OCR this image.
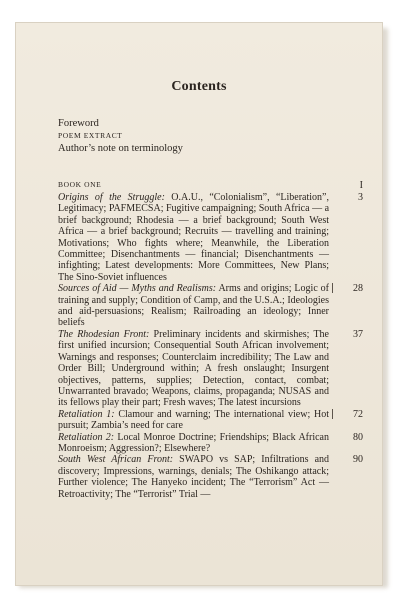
Contents
Foreword
POEM EXTRACT
Author’s note on terminology
BOOK ONE	I
Origins of the Struggle: O.A.U., “Colonialism”, “Liberation”, Legitimacy; PAFMECSA; Fugitive campaigning; South Africa — a brief background; Rhodesia — a brief background; South West Africa — a brief background; Recruits — travelling and training; Motivations; Who fights where; Meanwhile, the Liberation Committee; Disenchantments — financial; Disenchantments — infighting; Latest developments: More Committees, New Plans; The Sino-Soviet influences
3
Sources of Aid — Myths and Realisms: Arms and origins; Logic of training and supply; Condition of Camp, and the U.S.A.; Ideologies and aid-persuasions; Realism; Railroading an ideology; Inner beliefs
28
The Rhodesian Front: Preliminary incidents and skirmishes; The first unified incursion; Consequential South African involvement; Warnings and responses; Counterclaim incredibility; The Law and Order Bill; Underground within; A fresh onslaught; Insurgent objectives, patterns, supplies; Detection, contact, combat; Unwarranted bravado; Weapons, claims, propaganda; NUSAS and its fellows play their part; Fresh waves; The latest incursions
37
Retaliation 1: Clamour and warning; The international view; Hot pursuit; Zambia’s need for care
72
Retaliation 2: Local Monroe Doctrine; Friendships; Black African Monroeism; Aggression?; Elsewhere?
80
South West African Front: SWAPO vs SAP; Infiltrations and discovery; Impressions, warnings, denials; The Oshikango attack; Further violence; The Hanyeko incident; The “Terrorism” Act — Retroactivity; The “Terrorist” Trial —
90
